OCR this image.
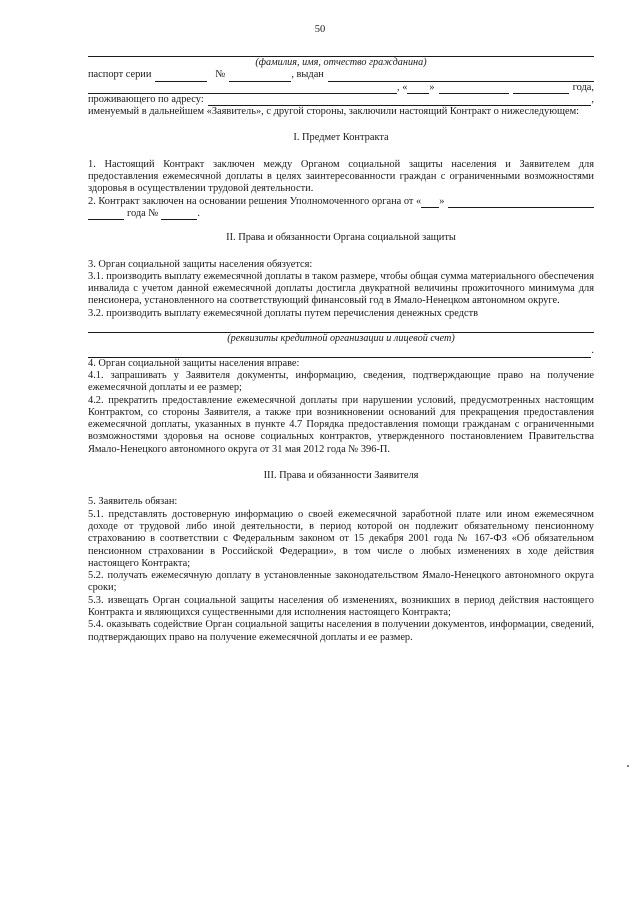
50
(фамилия, имя, отчество гражданина)
паспорт серии	№	, выдан
, « »	года,
проживающего по адресу:	,

именуемый в дальнейшем «Заявитель», с другой стороны, заключили настоящий Контракт о нижеследующем:

I. Предмет Контракта

1. Настоящий Контракт заключен между Органом социальной защиты населения и Заявителем для предоставления ежемесячной доплаты в целях заинтересованности граждан с ограниченными возможностями здоровья в осуществлении трудовой деятельности.

2. Контракт заключен на основании решения Уполномоченного органа от « »
года №	.

II. Права и обязанности Органа социальной защиты

3. Орган социальной защиты населения обязуется:

3.1. производить выплату ежемесячной доплаты в таком размере, чтобы общая сумма материального обеспечения инвалида с учетом данной ежемесячной доплаты достигла двукратной величины прожиточного минимума для пенсионера, установленного на соответствующий финансовый год в Ямало-Ненецком автономном округе.

3.2. производить выплату ежемесячной доплаты путем перечисления денежных средств

(реквизиты кредитной организации и лицевой счет)
.

4. Орган социальной защиты населения вправе:

4.1. запрашивать у Заявителя документы, информацию, сведения, подтверждающие право на получение ежемесячной доплаты и ее размер;

4.2. прекратить предоставление ежемесячной доплаты при нарушении условий, предусмотренных настоящим Контрактом, со стороны Заявителя, а также при возникновении оснований для прекращения предоставления ежемесячной доплаты, указанных в пункте 4.7 Порядка предоставления помощи гражданам с ограниченными возможностями здоровья на основе социальных контрактов, утвержденного постановлением Правительства Ямало-Ненецкого автономного округа от 31 мая 2012 года № 396-П.

III. Права и обязанности Заявителя

5. Заявитель обязан:

5.1. представлять достоверную информацию о своей ежемесячной заработной плате или ином ежемесячном доходе от трудовой либо иной деятельности, в период которой он подлежит обязательному пенсионному страхованию в соответствии с Федеральным законом от 15 декабря 2001 года № 167-ФЗ «Об обязательном пенсионном страховании в Российской Федерации», в том числе о любых изменениях в ходе действия настоящего Контракта;

5.2. получать ежемесячную доплату в установленные законодательством Ямало-Ненецкого автономного округа сроки;

5.3. извещать Орган социальной защиты населения об изменениях, возникших в период действия настоящего Контракта и являющихся существенными для исполнения настоящего Контракта;

5.4. оказывать содействие Орган социальной защиты населения в получении документов, информации, сведений, подтверждающих право на получение ежемесячной доплаты и ее размер.
